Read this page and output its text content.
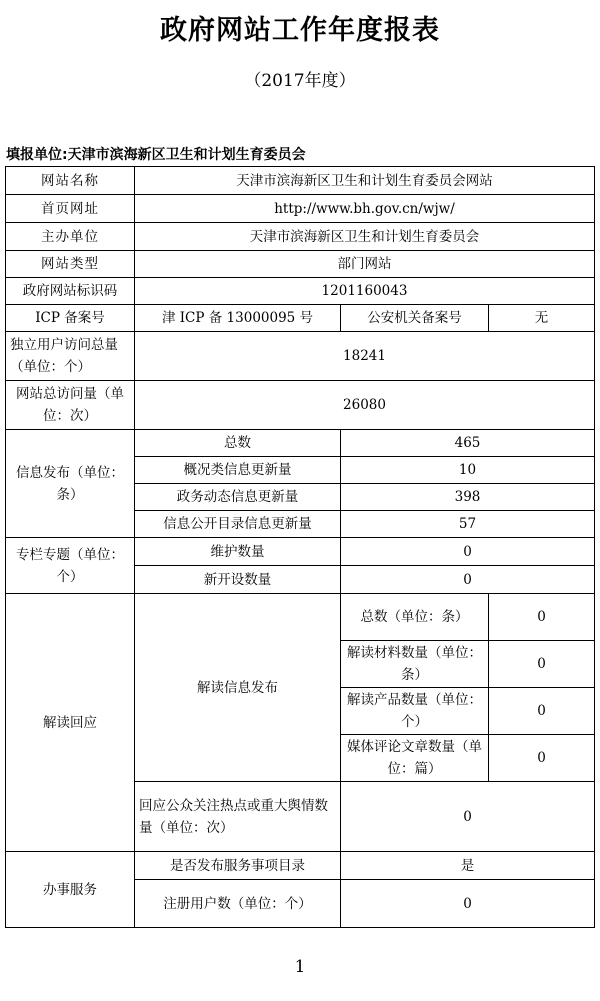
政府网站工作年度报表
（2017年度）
填报单位:天津市滨海新区卫生和计划生育委员会
网站名称	天津市滨海新区卫生和计划生育委员会网站		
首页网址	http://www.bh.gov.cn/wjw/		
主办单位	天津市滨海新区卫生和计划生育委员会		
网站类型	部门网站		
政府网站标识码	1201160043		
ICP 备案号	津 ICP 备 13000095 号	公安机关备案号	无
独立用户访问总量（单位：个）	18241		
网站总访问量（单位：次）	26080		
信息发布（单位：条）	总数	465	
	概况类信息更新量	10	
	政务动态信息更新量	398	
	信息公开目录信息更新量	57	
专栏专题（单位：个）	维护数量	0	
	新开设数量	0	
解读回应	解读信息发布	总数（单位：条）	0
		解读材料数量（单位：条）	0
		解读产品数量（单位：个）	0
		媒体评论文章数量（单位：篇）	0
	回应公众关注热点或重大舆情数量（单位：次）	0	
办事服务	是否发布服务事项目录	是	
	注册用户数（单位：个）	0	
1
